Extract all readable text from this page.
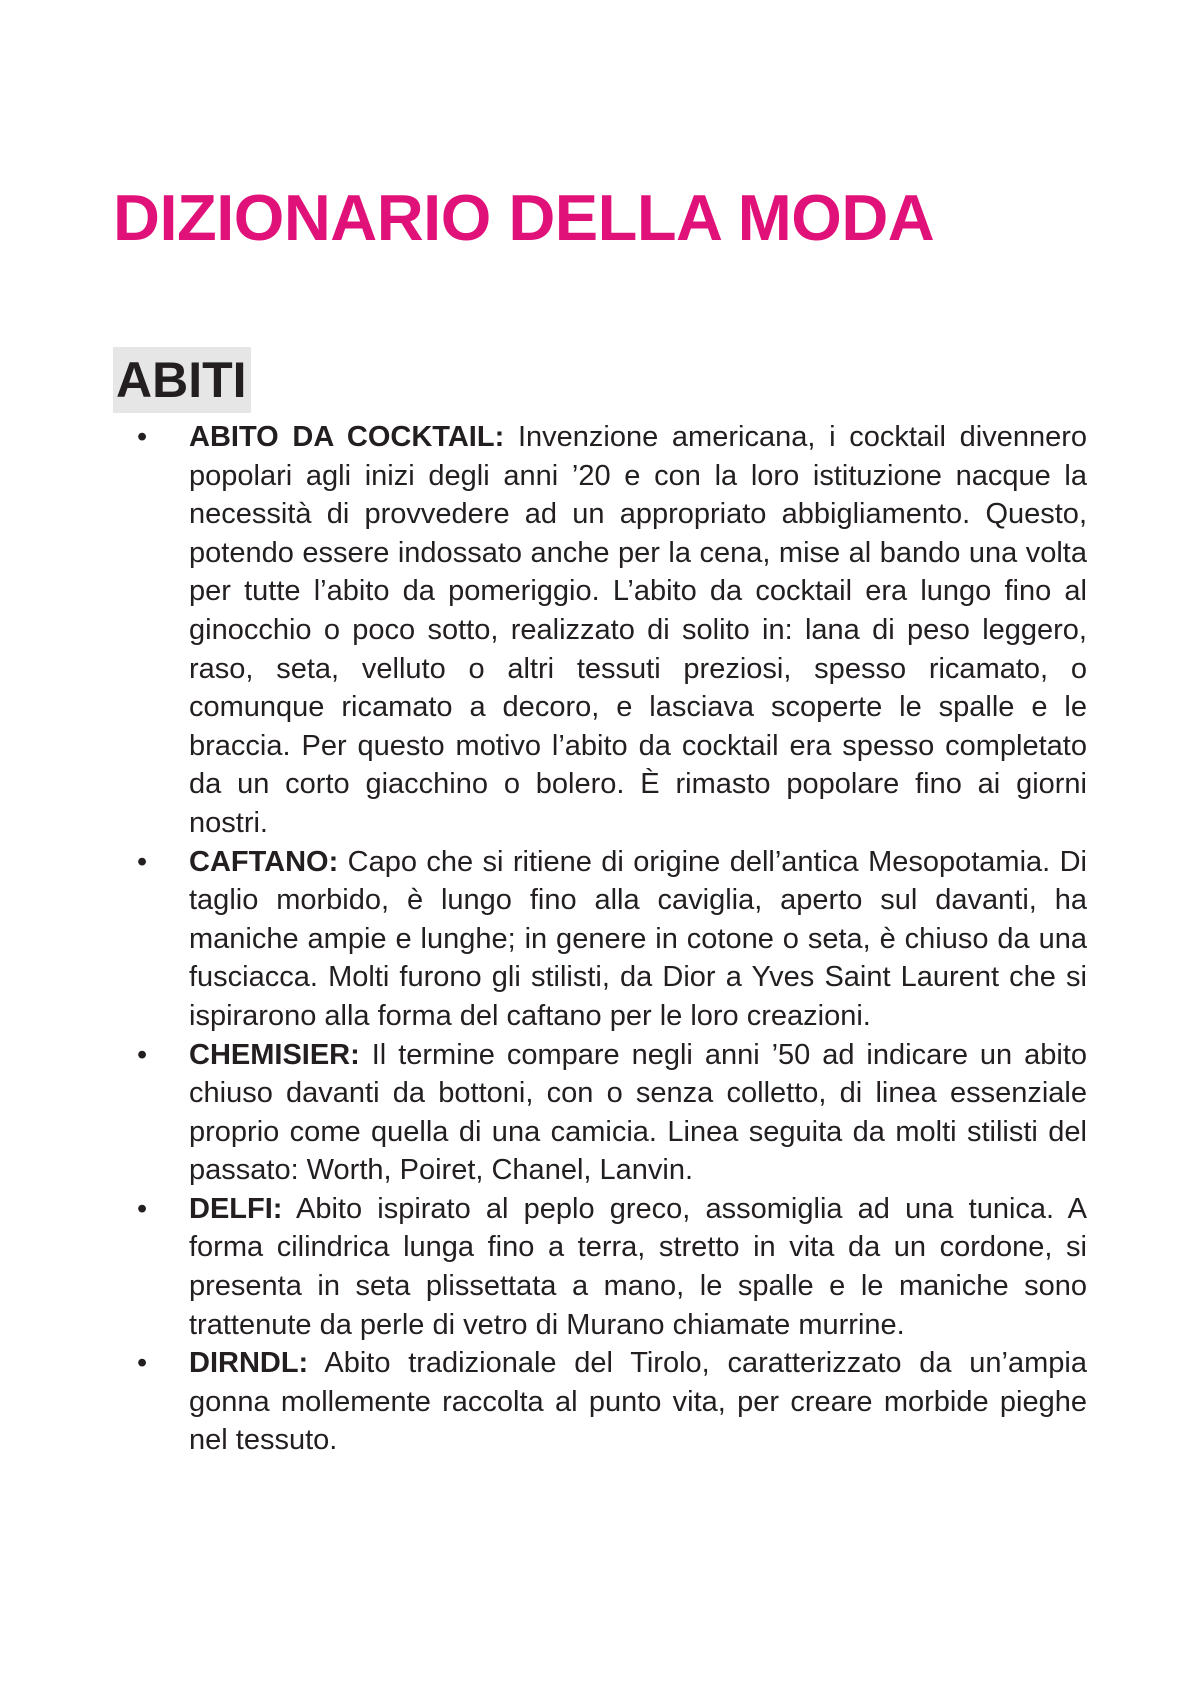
DIZIONARIO DELLA MODA
ABITI
• ABITO DA COCKTAIL: Invenzione americana, i cocktail divennero popolari agli inizi degli anni ’20 e con la loro istituzione nacque la necessità di provvedere ad un appropriato abbigliamento. Questo, potendo essere indossato anche per la cena, mise al bando una volta per tutte l’abito da pomeriggio. L’abito da cocktail era lungo fino al ginocchio o poco sotto, realizzato di solito in: lana di peso leggero, raso, seta, velluto o altri tessuti preziosi, spesso ricamato, o comunque ricamato a decoro, e lasciava scoperte le spalle e le braccia. Per questo motivo l’abito da cocktail era spesso completato da un corto giacchino o bolero. È rimasto popolare fino ai giorni nostri.

• CAFTANO: Capo che si ritiene di origine dell’antica Mesopotamia. Di taglio morbido, è lungo fino alla caviglia, aperto sul davanti, ha maniche ampie e lunghe; in genere in cotone o seta, è chiuso da una fusciacca. Molti furono gli stilisti, da Dior a Yves Saint Laurent che si ispirarono alla forma del caftano per le loro creazioni.

• CHEMISIER: Il termine compare negli anni ’50 ad indicare un abito chiuso davanti da bottoni, con o senza colletto, di linea essenziale proprio come quella di una camicia. Linea seguita da molti stilisti del passato: Worth, Poiret, Chanel, Lanvin.

• DELFI: Abito ispirato al peplo greco, assomiglia ad una tunica. A forma cilindrica lunga fino a terra, stretto in vita da un cordone, si presenta in seta plissettata a mano, le spalle e le maniche sono trattenute da perle di vetro di Murano chiamate murrine.

• DIRNDL: Abito tradizionale del Tirolo, caratterizzato da un’ampia gonna mollemente raccolta al punto vita, per creare morbide pieghe nel tessuto.
